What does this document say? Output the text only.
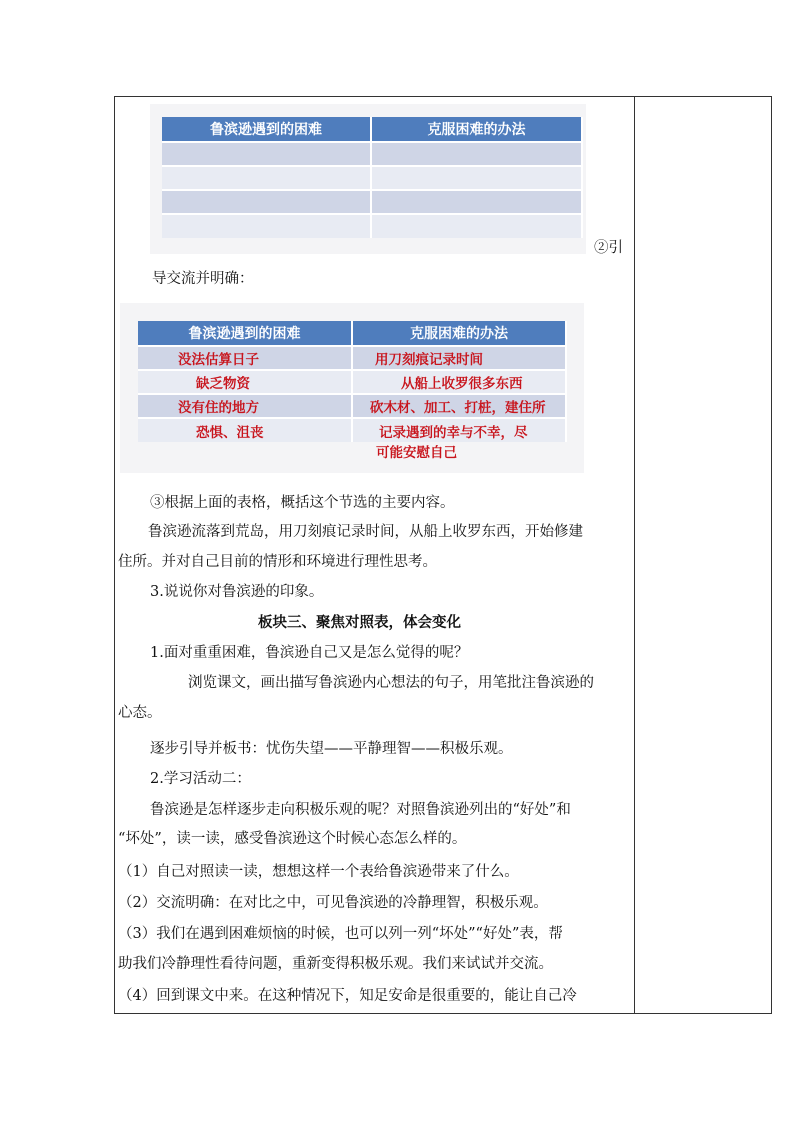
鲁滨逊遇到的困难	克服困难的办法

②引
导交流并明确：
鲁滨逊遇到的困难	克服困难的办法
没法估算日子	用刀刻痕记录时间
缺乏物资	从船上收罗很多东西
没有住的地方	砍木材、加工、打桩，建住所
恐惧、沮丧	记录遇到的幸与不幸，尽
可能安慰自己
③根据上面的表格，概括这个节选的主要内容。
鲁滨逊流落到荒岛，用刀刻痕记录时间，从船上收罗东西，开始修建
住所。并对自己目前的情形和环境进行理性思考。
3.说说你对鲁滨逊的印象。
板块三、聚焦对照表，体会变化
1.面对重重困难，鲁滨逊自己又是怎么觉得的呢？
浏览课文，画出描写鲁滨逊内心想法的句子，用笔批注鲁滨逊的
心态。
逐步引导并板书：忧伤失望——平静理智——积极乐观。
2.学习活动二：
鲁滨逊是怎样逐步走向积极乐观的呢？对照鲁滨逊列出的“好处”和
“坏处”，读一读，感受鲁滨逊这个时候心态怎么样的。
（1）自己对照读一读，想想这样一个表给鲁滨逊带来了什么。
（2）交流明确：在对比之中，可见鲁滨逊的冷静理智，积极乐观。
（3）我们在遇到困难烦恼的时候，也可以列一列“坏处”“好处”表，帮
助我们冷静理性看待问题，重新变得积极乐观。我们来试试并交流。
（4）回到课文中来。在这种情况下，知足安命是很重要的，能让自己冷
